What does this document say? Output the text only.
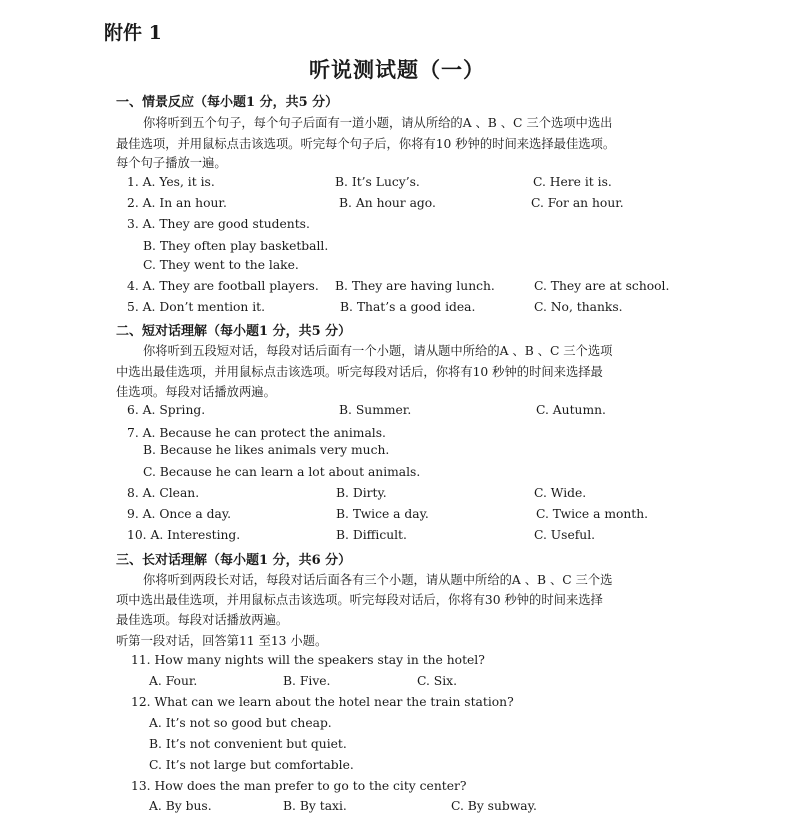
附件 1
听说测试题（一）
一、情景反应（每小题1 分，共5 分）
你将听到五个句子，每个句子后面有一道小题，请从所给的A 、B 、C 三个选项中选出
最佳选项，并用鼠标点击该选项。听完每个句子后，你将有10 秒钟的时间来选择最佳选项。
每个句子播放一遍。
1. A. Yes, it is.	B. It’s Lucy’s.	C. Here it is.
2. A. In an hour.	B. An hour ago.	C. For an hour.
3. A. They are good students.
B. They often play basketball.
C. They went to the lake.
4. A. They are football players. B. They are having lunch.	C. They are at school.
5. A. Don’t mention it.	B. That’s a good idea.	C. No, thanks.
二、短对话理解（每小题1 分，共5 分）
你将听到五段短对话，每段对话后面有一个小题，请从题中所给的A 、B 、C 三个选项
中选出最佳选项，并用鼠标点击该选项。听完每段对话后，你将有10 秒钟的时间来选择最
佳选项。每段对话播放两遍。
6. A. Spring.	B. Summer.	C. Autumn.
7. A. Because he can protect the animals.
B. Because he likes animals very much.
C. Because he can learn a lot about animals.
8. A. Clean.	B. Dirty.	C. Wide.
9. A. Once a day.	B. Twice a day.	C. Twice a month.
10. A. Interesting.	B. Difficult.	C. Useful.
三、长对话理解（每小题1 分，共6 分）
你将听到两段长对话，每段对话后面各有三个小题，请从题中所给的A 、B 、C 三个选
项中选出最佳选项，并用鼠标点击该选项。听完每段对话后，你将有30 秒钟的时间来选择
最佳选项。每段对话播放两遍。
听第一段对话，回答第11 至13 小题。
11. How many nights will the speakers stay in the hotel?
A. Four.	B. Five.	C. Six.
12. What can we learn about the hotel near the train station?
A. It’s not so good but cheap.
B. It’s not convenient but quiet.
C. It’s not large but comfortable.
13. How does the man prefer to go to the city center?
A. By bus.	B. By taxi.	C. By subway.
